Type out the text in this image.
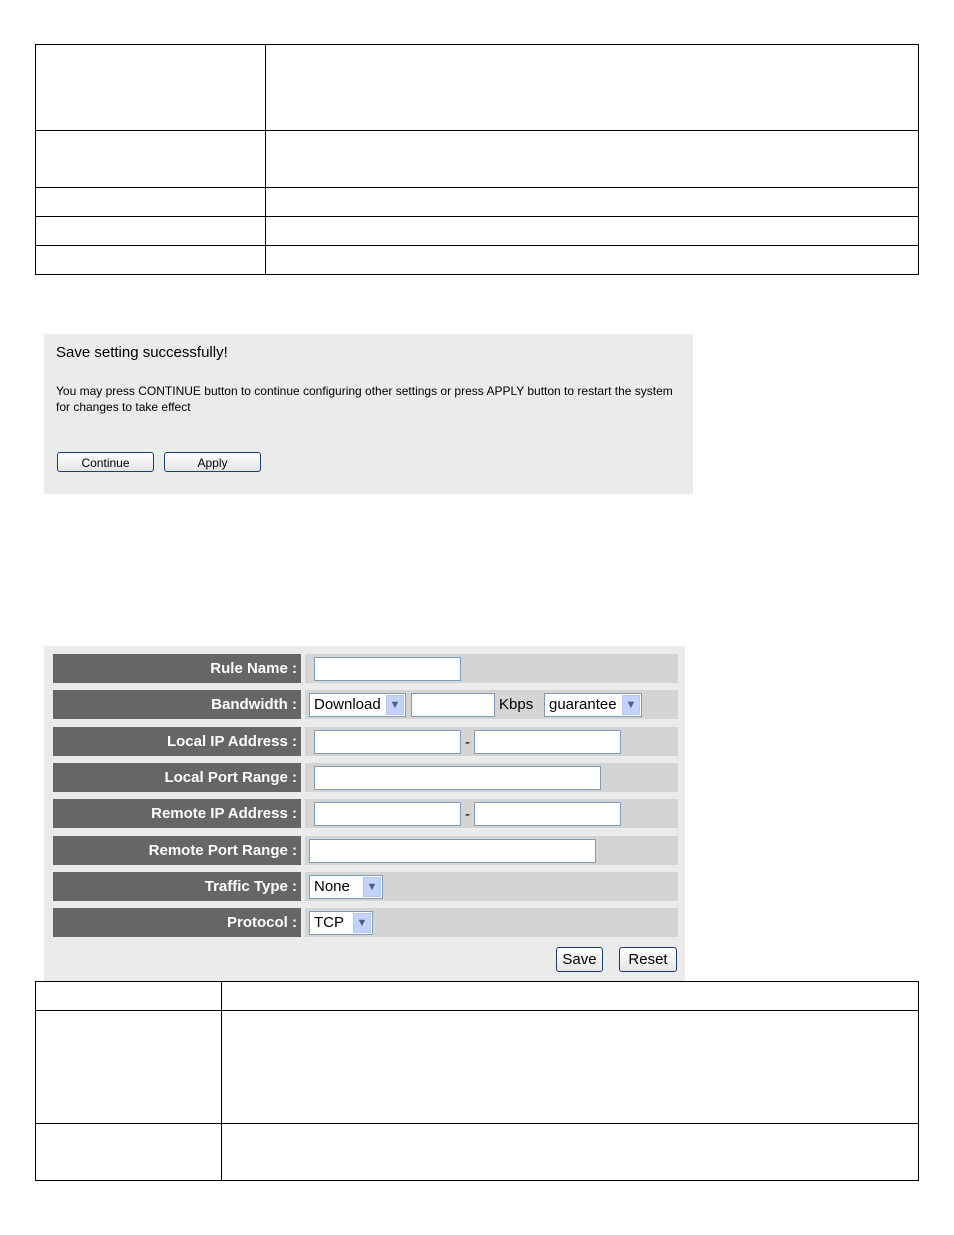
Save setting successfully!
You may press CONTINUE button to continue configuring other settings or press APPLY button to restart the system for changes to take effect
Continue	Apply
Rule Name :
Bandwidth :	Download ▼	Kbps	guarantee ▼
Local IP Address :	-
Local Port Range :
Remote IP Address :	-
Remote Port Range :
Traffic Type :	None	▼
Protocol :	TCP	▼
Save	Reset
